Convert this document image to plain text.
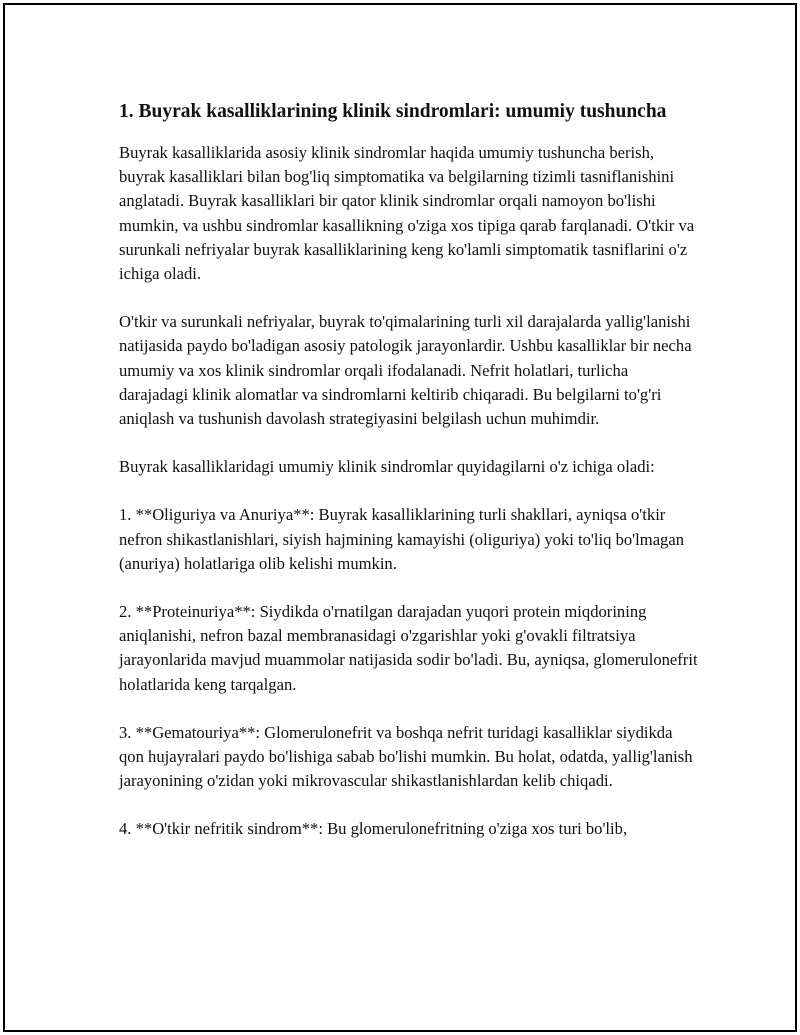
1. Buyrak kasalliklarining klinik sindromlari: umumiy tushuncha

Buyrak kasalliklarida asosiy klinik sindromlar haqida umumiy tushuncha berish, buyrak kasalliklari bilan bog'liq simptomatika va belgilarning tizimli tasniflanishini anglatadi. Buyrak kasalliklari bir qator klinik sindromlar orqali namoyon bo'lishi mumkin, va ushbu sindromlar kasallikning o'ziga xos tipiga qarab farqlanadi. O'tkir va surunkali nefriyalar buyrak kasalliklarining keng ko'lamli simptomatik tasniflarini o'z ichiga oladi.

O'tkir va surunkali nefriyalar, buyrak to'qimalarining turli xil darajalarda yallig'lanishi natijasida paydo bo'ladigan asosiy patologik jarayonlardir. Ushbu kasalliklar bir necha umumiy va xos klinik sindromlar orqali ifodalanadi. Nefrit holatlari, turlicha darajadagi klinik alomatlar va sindromlarni keltirib chiqaradi. Bu belgilarni to'g'ri aniqlash va tushunish davolash strategiyasini belgilash uchun muhimdir.

Buyrak kasalliklaridagi umumiy klinik sindromlar quyidagilarni o'z ichiga oladi:

1. **Oliguriya va Anuriya**: Buyrak kasalliklarining turli shakllari, ayniqsa o'tkir nefron shikastlanishlari, siyish hajmining kamayishi (oliguriya) yoki to'liq bo'lmagan (anuriya) holatlariga olib kelishi mumkin.

2. **Proteinuriya**: Siydikda o'rnatilgan darajadan yuqori protein miqdorining aniqlanishi, nefron bazal membranasidagi o'zgarishlar yoki g'ovakli filtratsiya jarayonlarida mavjud muammolar natijasida sodir bo'ladi. Bu, ayniqsa, glomerulonefrit holatlarida keng tarqalgan.

3. **Gematouriya**: Glomerulonefrit va boshqa nefrit turidagi kasalliklar siydikda qon hujayralari paydo bo'lishiga sabab bo'lishi mumkin. Bu holat, odatda, yallig'lanish jarayonining o'zidan yoki mikrovascular shikastlanishlardan kelib chiqadi.

4. **O'tkir nefritik sindrom**: Bu glomerulonefritning o'ziga xos turi bo'lib,
